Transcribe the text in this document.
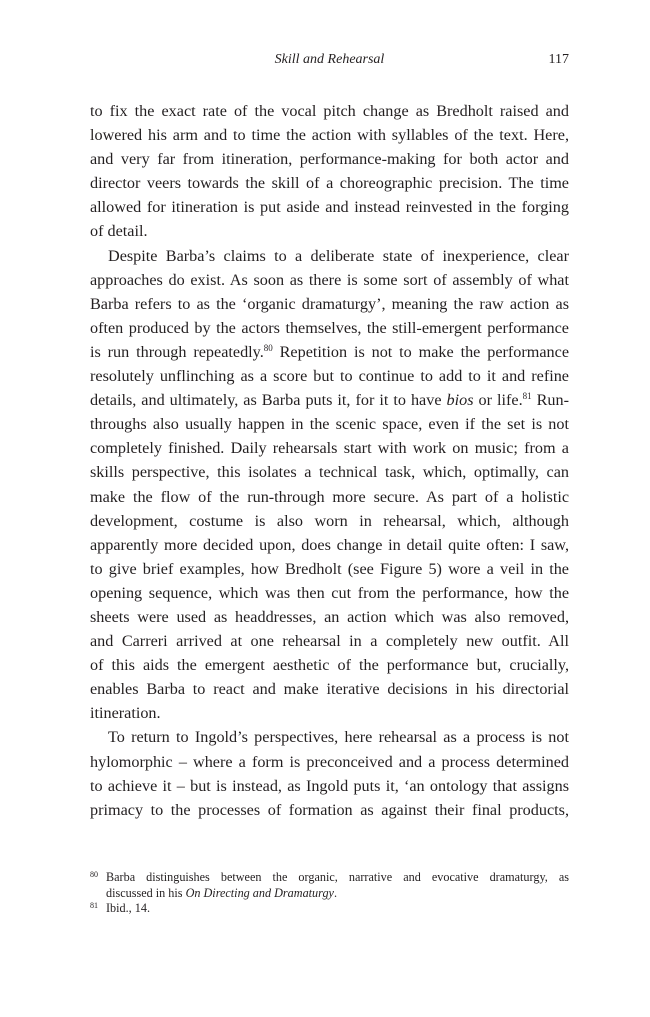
Skill and Rehearsal	117
to fix the exact rate of the vocal pitch change as Bredholt raised and
lowered his arm and to time the action with syllables of the text. Here,
and very far from itineration, performance-making for both actor and
director veers towards the skill of a choreographic precision. The time
allowed for itineration is put aside and instead reinvested in the forging
of detail.
Despite Barba’s claims to a deliberate state of inexperience, clear
approaches do exist. As soon as there is some sort of assembly of what
Barba refers to as the ‘organic dramaturgy’, meaning the raw action as
often produced by the actors themselves, the still-emergent performance
is run through repeatedly.$^{80}$ Repetition is not to make the performance
resolutely unflinching as a score but to continue to add to it and refine
details, and ultimately, as Barba puts it, for it to have bios or life.$^{81}$ Run-
throughs also usually happen in the scenic space, even if the set is not
completely finished. Daily rehearsals start with work on music; from a
skills perspective, this isolates a technical task, which, optimally, can
make the flow of the run-through more secure. As part of a holistic
development, costume is also worn in rehearsal, which, although
apparently more decided upon, does change in detail quite often: I saw,
to give brief examples, how Bredholt (see Figure 5) wore a veil in the
opening sequence, which was then cut from the performance, how the
sheets were used as headdresses, an action which was also removed,
and Carreri arrived at one rehearsal in a completely new outfit. All
of this aids the emergent aesthetic of the performance but, crucially,
enables Barba to react and make iterative decisions in his directorial
itineration.
To return to Ingold’s perspectives, here rehearsal as a process is not
hylomorphic – where a form is preconceived and a process determined
to achieve it – but is instead, as Ingold puts it, ‘an ontology that assigns
primacy to the processes of formation as against their final products,
80 Barba distinguishes between the organic, narrative and evocative dramaturgy, as
discussed in his On Directing and Dramaturgy.
81 Ibid., 14.
